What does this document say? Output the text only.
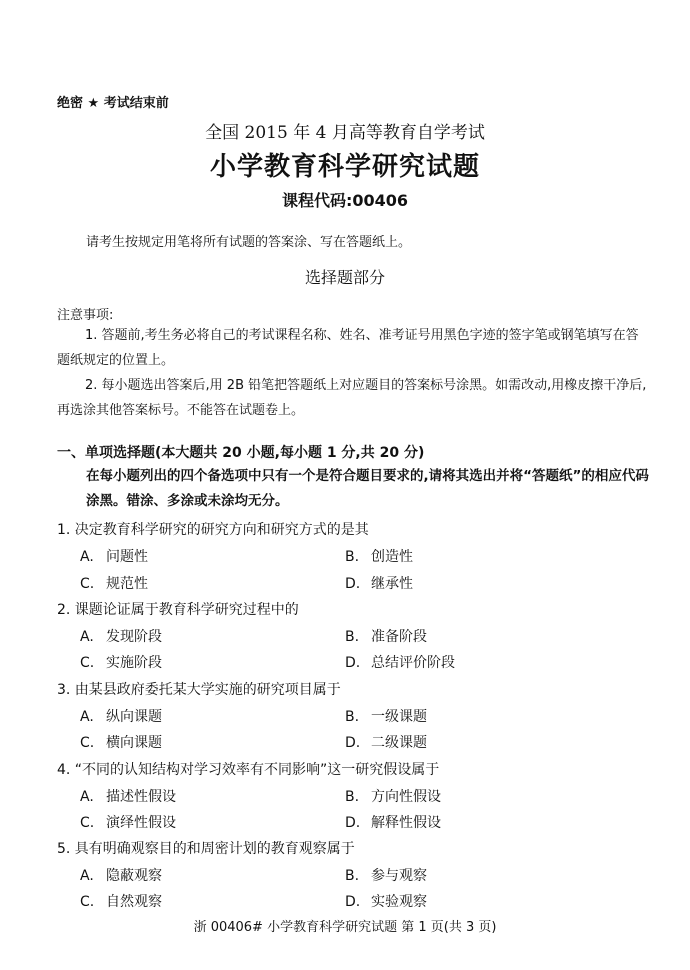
绝密 ★ 考试结束前
全国 2015 年 4 月高等教育自学考试
小学教育科学研究试题
课程代码:00406
请考生按规定用笔将所有试题的答案涂、写在答题纸上。
选择题部分
注意事项:
1. 答题前,考生务必将自己的考试课程名称、姓名、准考证号用黑色字迹的签字笔或钢笔填写在答题纸规定的位置上。
2. 每小题选出答案后,用 2B 铅笔把答题纸上对应题目的答案标号涂黑。如需改动,用橡皮擦干净后,再选涂其他答案标号。不能答在试题卷上。
一、单项选择题(本大题共 20 小题,每小题 1 分,共 20 分)
在每小题列出的四个备选项中只有一个是符合题目要求的,请将其选出并将“答题纸”的相应代码涂黑。错涂、多涂或未涂均无分。
1. 决定教育科学研究的研究方向和研究方式的是其
A. 问题性	B. 创造性
C. 规范性	D. 继承性
2. 课题论证属于教育科学研究过程中的
A. 发现阶段	B. 准备阶段
C. 实施阶段	D. 总结评价阶段
3. 由某县政府委托某大学实施的研究项目属于
A. 纵向课题	B. 一级课题
C. 横向课题	D. 二级课题
4. “不同的认知结构对学习效率有不同影响”这一研究假设属于
A. 描述性假设	B. 方向性假设
C. 演绎性假设	D. 解释性假设
5. 具有明确观察目的和周密计划的教育观察属于
A. 隐蔽观察	B. 参与观察
C. 自然观察	D. 实验观察
浙 00406# 小学教育科学研究试题 第 1 页(共 3 页)
